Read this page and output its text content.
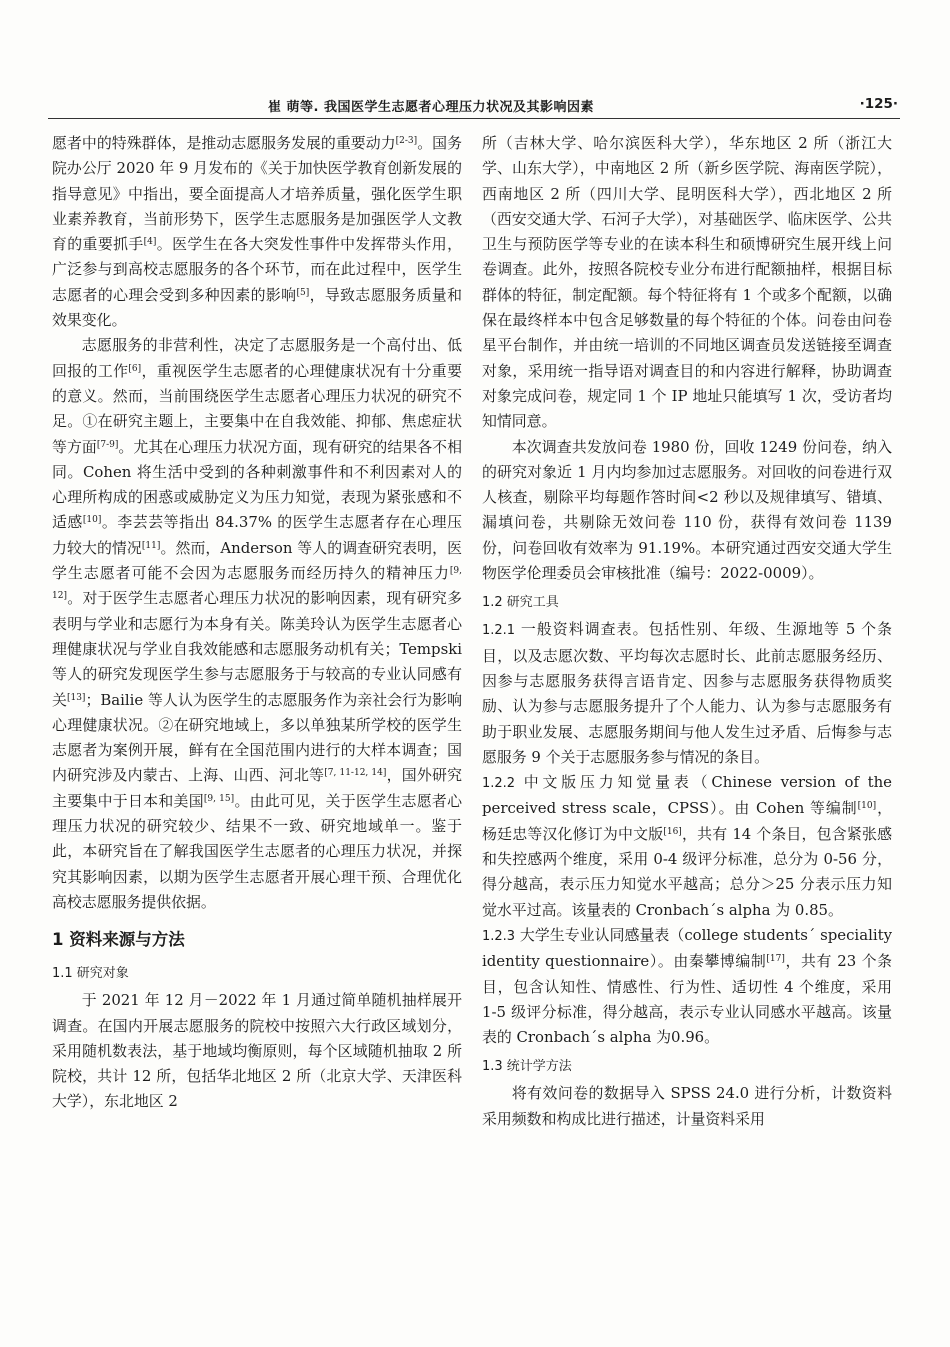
崔 萌等. 我国医学生志愿者心理压力状况及其影响因素	·125·

愿者中的特殊群体，是推动志愿服务发展的重要动力[2-3]。国务院办公厅 2020 年 9 月发布的《关于加快医学教育创新发展的指导意见》中指出，要全面提高人才培养质量，强化医学生职业素养教育，当前形势下，医学生志愿服务是加强医学人文教育的重要抓手[4]。医学生在各大突发性事件中发挥带头作用，广泛参与到高校志愿服务的各个环节，而在此过程中，医学生志愿者的心理会受到多种因素的影响[5]，导致志愿服务质量和效果变化。

志愿服务的非营利性，决定了志愿服务是一个高付出、低回报的工作[6]，重视医学生志愿者的心理健康状况有十分重要的意义。然而，当前围绕医学生志愿者心理压力状况的研究不足。①在研究主题上，主要集中在自我效能、抑郁、焦虑症状等方面[7-9]。尤其在心理压力状况方面，现有研究的结果各不相同。Cohen 将生活中受到的各种刺激事件和不利因素对人的心理所构成的困惑或威胁定义为压力知觉，表现为紧张感和不适感[10]。李芸芸等指出 84.37% 的医学生志愿者存在心理压力较大的情况[11]。然而，Anderson 等人的调查研究表明，医学生志愿者可能不会因为志愿服务而经历持久的精神压力[9, 12]。对于医学生志愿者心理压力状况的影响因素，现有研究多表明与学业和志愿行为本身有关。陈美玲认为医学生志愿者心理健康状况与学业自我效能感和志愿服务动机有关；Tempski 等人的研究发现医学生参与志愿服务于与较高的专业认同感有关[13]；Bailie 等人认为医学生的志愿服务作为亲社会行为影响心理健康状况。②在研究地域上，多以单独某所学校的医学生志愿者为案例开展，鲜有在全国范围内进行的大样本调查；国内研究涉及内蒙古、上海、山西、河北等[7, 11-12, 14]，国外研究主要集中于日本和美国[9, 15]。由此可见，关于医学生志愿者心理压力状况的研究较少、结果不一致、研究地域单一。鉴于此，本研究旨在了解我国医学生志愿者的心理压力状况，并探究其影响因素，以期为医学生志愿者开展心理干预、合理优化高校志愿服务提供依据。

1 资料来源与方法
1.1 研究对象

于 2021 年 12 月－2022 年 1 月通过简单随机抽样展开调查。在国内开展志愿服务的院校中按照六大行政区域划分，采用随机数表法，基于地域均衡原则，每个区域随机抽取 2 所院校，共计 12 所，包括华北地区 2 所（北京大学、天津医科大学），东北地区 2

所（吉林大学、哈尔滨医科大学），华东地区 2 所（浙江大学、山东大学），中南地区 2 所（新乡医学院、海南医学院），西南地区 2 所（四川大学、昆明医科大学），西北地区 2 所（西安交通大学、石河子大学），对基础医学、临床医学、公共卫生与预防医学等专业的在读本科生和硕博研究生展开线上问卷调查。此外，按照各院校专业分布进行配额抽样，根据目标群体的特征，制定配额。每个特征将有 1 个或多个配额，以确保在最终样本中包含足够数量的每个特征的个体。问卷由问卷星平台制作，并由统一培训的不同地区调查员发送链接至调查对象，采用统一指导语对调查目的和内容进行解释，协助调查对象完成问卷，规定同 1 个 IP 地址只能填写 1 次，受访者均知情同意。

本次调查共发放问卷 1980 份，回收 1249 份问卷，纳入的研究对象近 1 月内均参加过志愿服务。对回收的问卷进行双人核查，剔除平均每题作答时间<2 秒以及规律填写、错填、漏填问卷，共剔除无效问卷 110 份，获得有效问卷 1139 份，问卷回收有效率为 91.19%。本研究通过西安交通大学生物医学伦理委员会审核批准（编号：2022-0009）。

1.2 研究工具

1.2.1 一般资料调查表。包括性别、年级、生源地等 5 个条目，以及志愿次数、平均每次志愿时长、此前志愿服务经历、因参与志愿服务获得言语肯定、因参与志愿服务获得物质奖励、认为参与志愿服务提升了个人能力、认为参与志愿服务有助于职业发展、志愿服务期间与他人发生过矛盾、后悔参与志愿服务 9 个关于志愿服务参与情况的条目。

1.2.2 中文版压力知觉量表（Chinese version of the perceived stress scale，CPSS）。由 Cohen 等编制[10]，杨廷忠等汉化修订为中文版[16]，共有 14 个条目，包含紧张感和失控感两个维度，采用 0-4 级评分标准，总分为 0-56 分，得分越高，表示压力知觉水平越高；总分＞25 分表示压力知觉水平过高。该量表的 Cronbach´s alpha 为 0.85。

1.2.3 大学生专业认同感量表（college students´ speciality identity questionnaire）。由秦攀博编制[17]，共有 23 个条目，包含认知性、情感性、行为性、适切性 4 个维度，采用 1-5 级评分标准，得分越高，表示专业认同感水平越高。该量表的 Cronbach´s alpha 为0.96。

1.3 统计学方法

将有效问卷的数据导入 SPSS 24.0 进行分析，计数资料采用频数和构成比进行描述，计量资料采用
